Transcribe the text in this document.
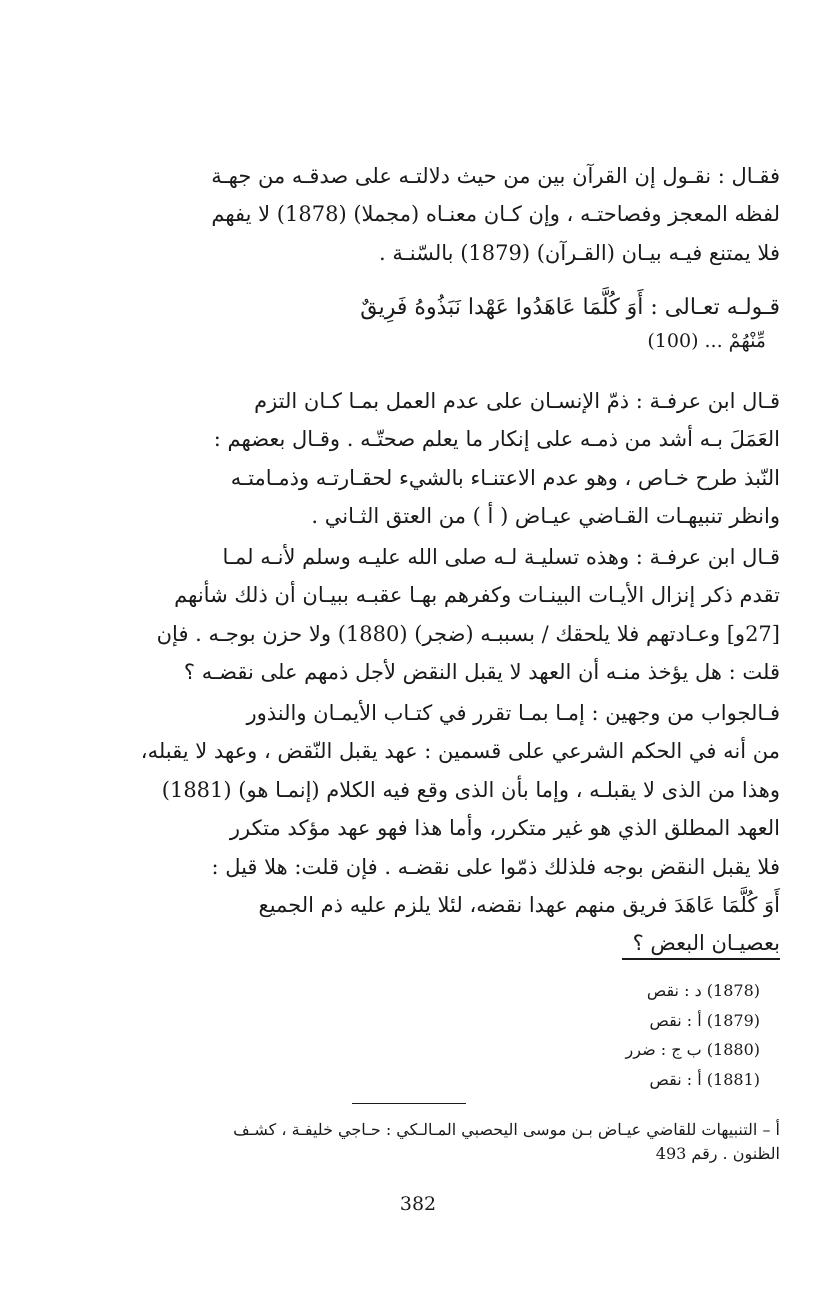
فقـال : نقـول إن القرآن بين من حيث دلالتـه على صدقـه من جهـة

لفظه المعجز وفصاحتـه ، وإن كـان معنـاه (مجملا) (1878) لا يفهم

فلا يمتنع فيـه بيـان (القـرآن) (1879) بالسّنـة .

قـولـه تعـالى : أَوَ كُلَّمَا عَاهَدُوا عَهْدا نَبَذُوهُ فَرِيقٌ

مِّنْهُمْ ... (100)

قـال ابن عرفـة : ذمّ الإنسـان على عدم العمل بمـا كـان التزم

العَمَلَ بـه أشد من ذمـه على إنكار ما يعلم صحتّـه . وقـال بعضهم :

النّبذ طرح خـاص ، وهو عدم الاعتنـاء بالشيء لحقـارتـه وذمـامتـه

وانظر تنبيهـات القـاضي عيـاض ( أ ) من العتق الثـاني .

قـال ابن عرفـة : وهذه تسليـة لـه صلى الله عليـه وسلم لأنـه لمـا

تقدم ذكر إنزال الأيـات البينـات وكفرهم بهـا عقبـه ببيـان أن ذلك شأنهم

[27و] وعـادتهم فلا يلحقك / بسببـه (ضجر) (1880) ولا حزن بوجـه . فإن

قلت : هل يؤخذ منـه أن العهد لا يقبل النقض لأجل ذمهم على نقضـه ؟

فـالجواب من وجهين : إمـا بمـا تقرر في كتـاب الأيمـان والنذور

من أنه في الحكم الشرعي على قسمين : عهد يقبل النّقض ، وعهد لا يقبله،

وهذا من الذى لا يقبلـه ، وإما بأن الذى وقع فيه الكلام (إنمـا هو) (1881)

العهد المطلق الذي هو غير متكرر، وأما هذا فهو عهد مؤكد متكرر

فلا يقبل النقض بوجه فلذلك ذمّوا على نقضـه . فإن قلت: هلا قيل :

أَوَ كُلَّمَا عَاهَدَ فريق منهم عهدا نقضه، لئلا يلزم عليه ذم الجميع

بعصيـان البعض ؟

(1878) د : نقص
(1879) أ : نقص
(1880) ب ج : ضرر
(1881) أ : نقص

أ – التنبيهات للقاضي عيـاض بـن موسى اليحصبي المـالـكي : حـاجي خليفـة ، كشـف

الظنون . رقم 493

382
